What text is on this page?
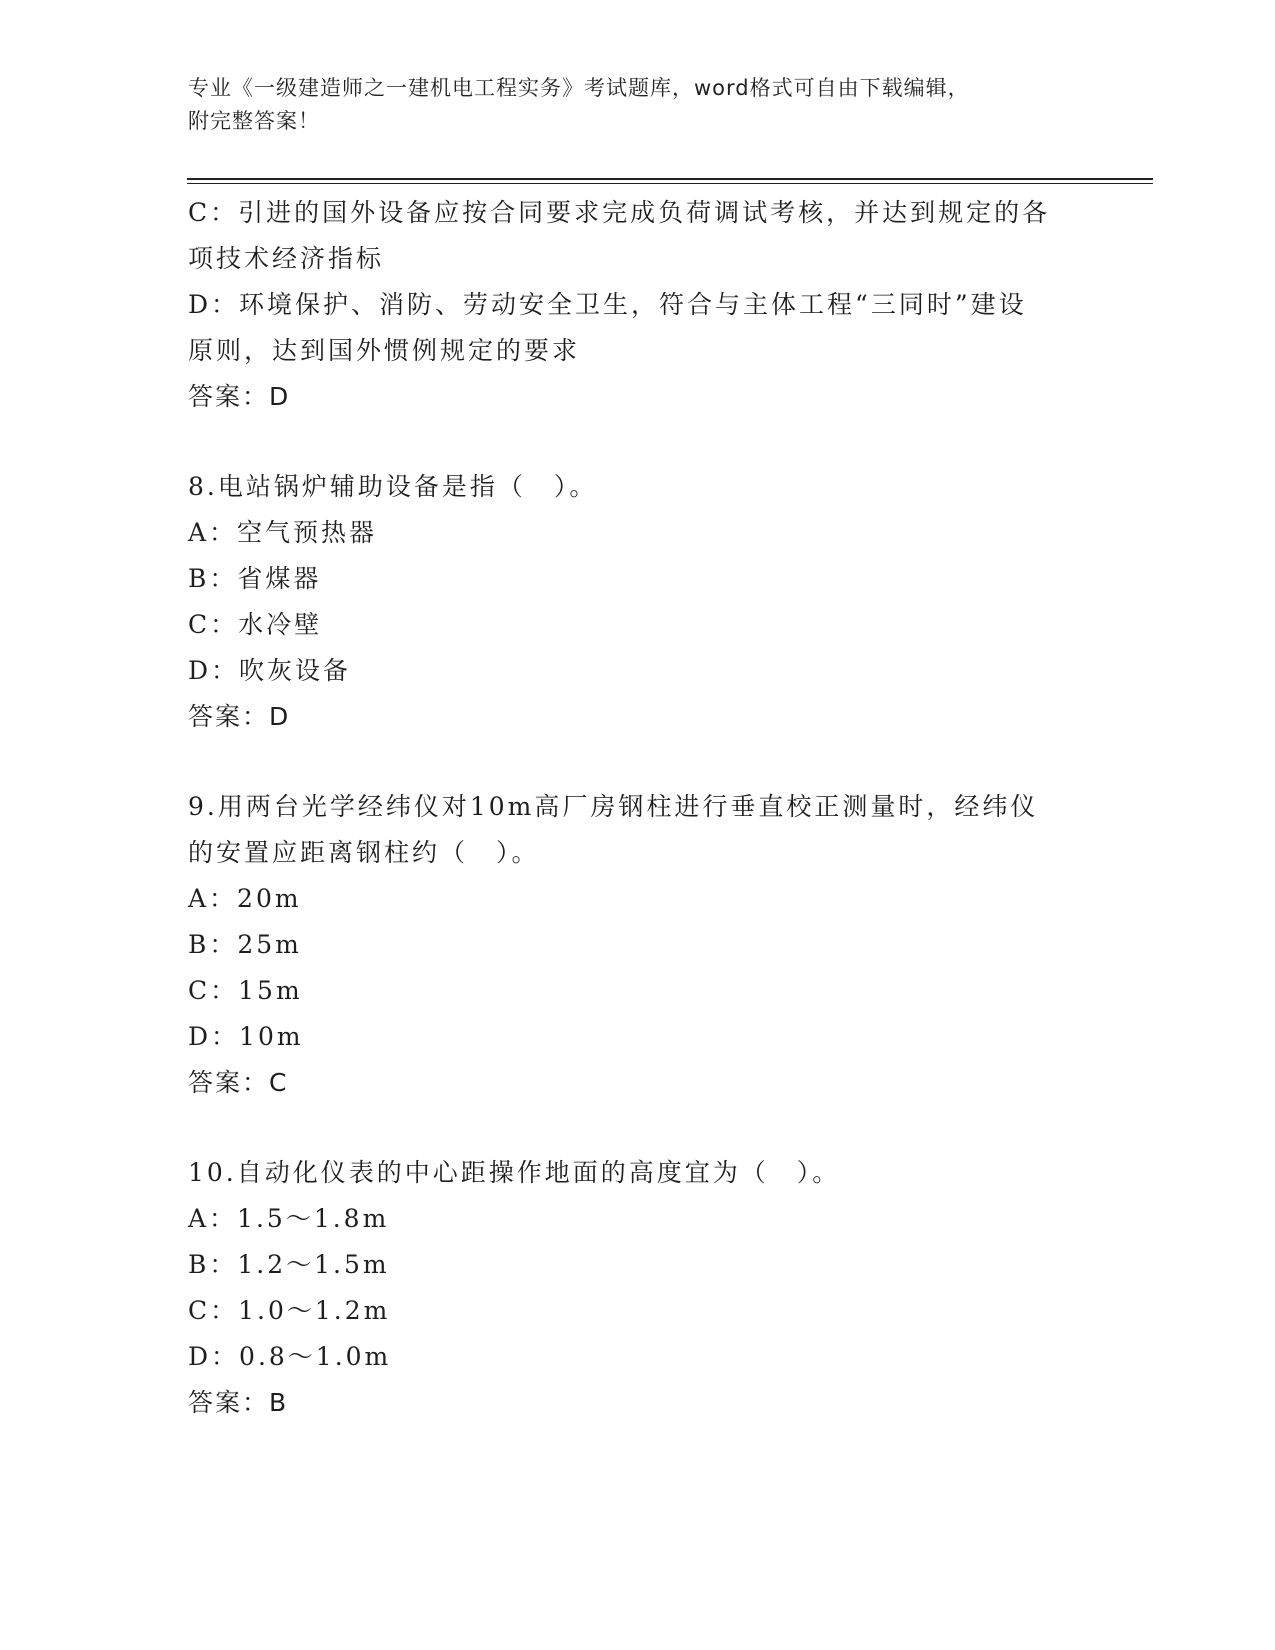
专业《一级建造师之一建机电工程实务》考试题库，word格式可自由下载编辑，
附完整答案！
C：引进的国外设备应按合同要求完成负荷调试考核，并达到规定的各
项技术经济指标
D：环境保护、消防、劳动安全卫生，符合与主体工程“三同时”建设
原则，达到国外惯例规定的要求
答案：D
8.电站锅炉辅助设备是指（　）。
A：空气预热器
B：省煤器
C：水冷壁
D：吹灰设备
答案：D
9.用两台光学经纬仪对10m高厂房钢柱进行垂直校正测量时，经纬仪
的安置应距离钢柱约（　）。
A：20m
B：25m
C：15m
D：10m
答案：C
10.自动化仪表的中心距操作地面的高度宜为（　）。
A：1.5～1.8m
B：1.2～1.5m
C：1.0～1.2m
D：0.8～1.0m
答案：B
